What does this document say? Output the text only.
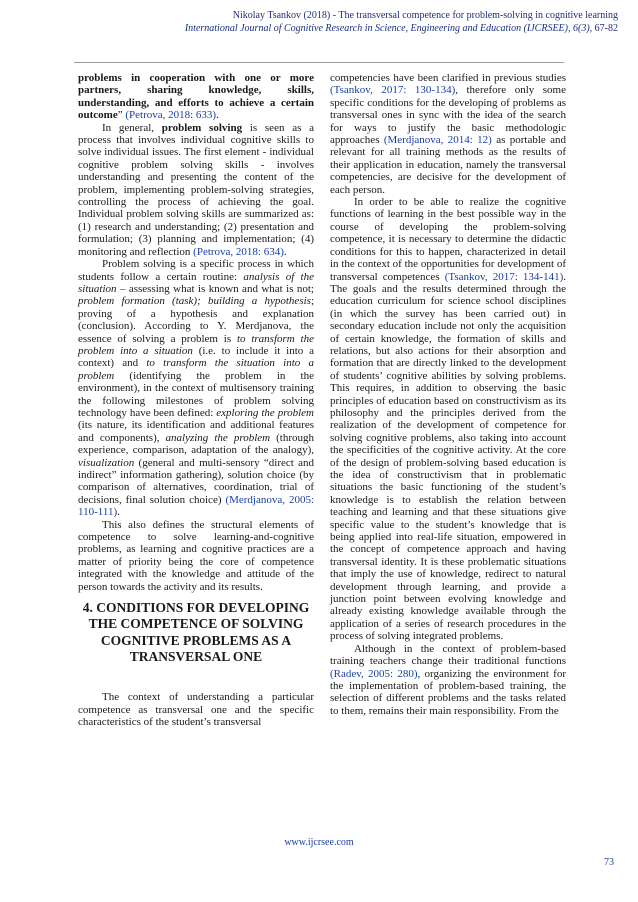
Nikolay Tsankov (2018) - The transversal competence for problem-solving in cognitive learning
International Journal of Cognitive Research in Science, Engineering and Education (IJCRSEE), 6(3), 67-82

problems in cooperation with one or more partners, sharing knowledge, skills, understanding, and efforts to achieve a certain outcome” (Petrova, 2018: 633).

In general, problem solving is seen as a process that involves individual cognitive skills to solve individual issues. The first element - individual cognitive problem solving skills - involves understanding and presenting the content of the problem, implementing problem-solving strategies, controlling the process of achieving the goal. Individual problem solving skills are summarized as: (1) research and understanding; (2) presentation and formulation; (3) planning and implementation; (4) monitoring and reflection (Petrova, 2018: 634).

Problem solving is a specific process in which students follow a certain routine: analysis of the situation – assessing what is known and what is not; problem formation (task); building a hypothesis; proving of a hypothesis and explanation (conclusion). According to Y. Merdjanova, the essence of solving a problem is to transform the problem into a situation (i.e. to include it into a context) and to transform the situation into a problem (identifying the problem in the environment), in the context of multisensory training the following milestones of problem solving technology have been defined: exploring the problem (its nature, its identification and additional features and components), analyzing the problem (through experience, comparison, adaptation of the analogy), visualization (general and multi-sensory “direct and indirect” information gathering), solution choice (by comparison of alternatives, coordination, trial of decisions, final solution choice) (Merdjanova, 2005: 110-111).

This also defines the structural elements of competence to solve learning-and-cognitive problems, as learning and cognitive practices are a matter of priority being the core of competence integrated with the knowledge and attitude of the person towards the activity and its results.

4. CONDITIONS FOR DEVELOPING THE COMPETENCE OF SOLVING COGNITIVE PROBLEMS AS A TRANSVERSAL ONE

The context of understanding a particular competence as transversal one and the specific characteristics of the student’s transversal

competencies have been clarified in previous studies (Tsankov, 2017: 130-134), therefore only some specific conditions for the developing of problems as transversal ones in sync with the idea of the search for ways to justify the basic methodologic approaches (Merdjanova, 2014: 12) as portable and relevant for all training methods as the results of their application in education, namely the transversal competencies, are decisive for the development of each person.

In order to be able to realize the cognitive functions of learning in the best possible way in the course of developing the problem-solving competence, it is necessary to determine the didactic conditions for this to happen, characterized in detail in the context of the opportunities for development of transversal competences (Tsankov, 2017: 134-141). The goals and the results determined through the education curriculum for science school disciplines (in which the survey has been carried out) in secondary education include not only the acquisition of certain knowledge, the formation of skills and relations, but also actions for their absorption and formation that are directly linked to the development of students’ cognitive abilities by solving problems. This requires, in addition to observing the basic principles of education based on constructivism as its philosophy and the principles derived from the realization of the development of competence for solving cognitive problems, also taking into account the specificities of the cognitive activity. At the core of the design of problem-solving based education is the idea of constructivism that in problematic situations the basic functioning of the student’s knowledge is to establish the relation between teaching and learning and that these situations give specific value to the student’s knowledge that is being applied into real-life situation, empowered in the concept of competence approach and having transversal identity. It is these problematic situations that imply the use of knowledge, redirect to natural development through learning, and provide a junction point between evolving knowledge and already existing knowledge available through the application of a series of research procedures in the process of solving integrated problems.

Although in the context of problem-based training teachers change their traditional functions (Radev, 2005: 280), organizing the environment for the implementation of problem-based training, the selection of different problems and the tasks related to them, remains their main responsibility. From the

www.ijcrsee.com
73
